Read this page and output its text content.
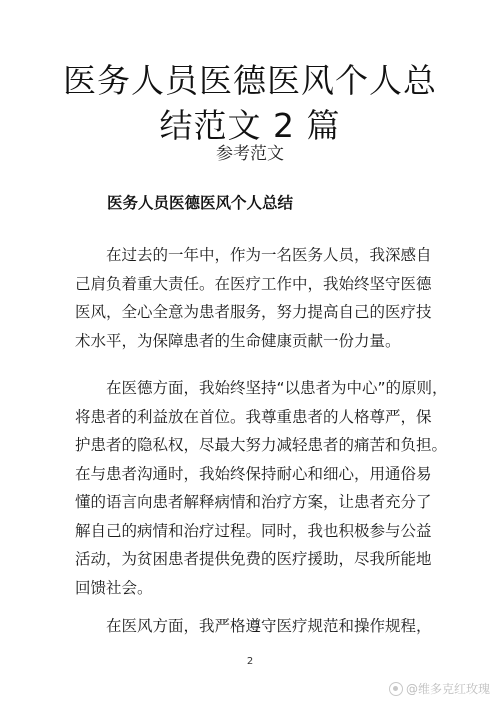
医务人员医德医风个人总
结范文 2 篇
参考范文
医务人员医德医风个人总结
在过去的一年中，作为一名医务人员，我深感自
己肩负着重大责任。在医疗工作中，我始终坚守医德
医风，全心全意为患者服务，努力提高自己的医疗技
术水平，为保障患者的生命健康贡献一份力量。
在医德方面，我始终坚持“以患者为中心”的原则，
将患者的利益放在首位。我尊重患者的人格尊严，保
护患者的隐私权，尽最大努力减轻患者的痛苦和负担。
在与患者沟通时，我始终保持耐心和细心，用通俗易
懂的语言向患者解释病情和治疗方案，让患者充分了
解自己的病情和治疗过程。同时，我也积极参与公益
活动，为贫困患者提供免费的医疗援助，尽我所能地
回馈社会。
在医风方面，我严格遵守医疗规范和操作规程，
2
@维多克红玫瑰
